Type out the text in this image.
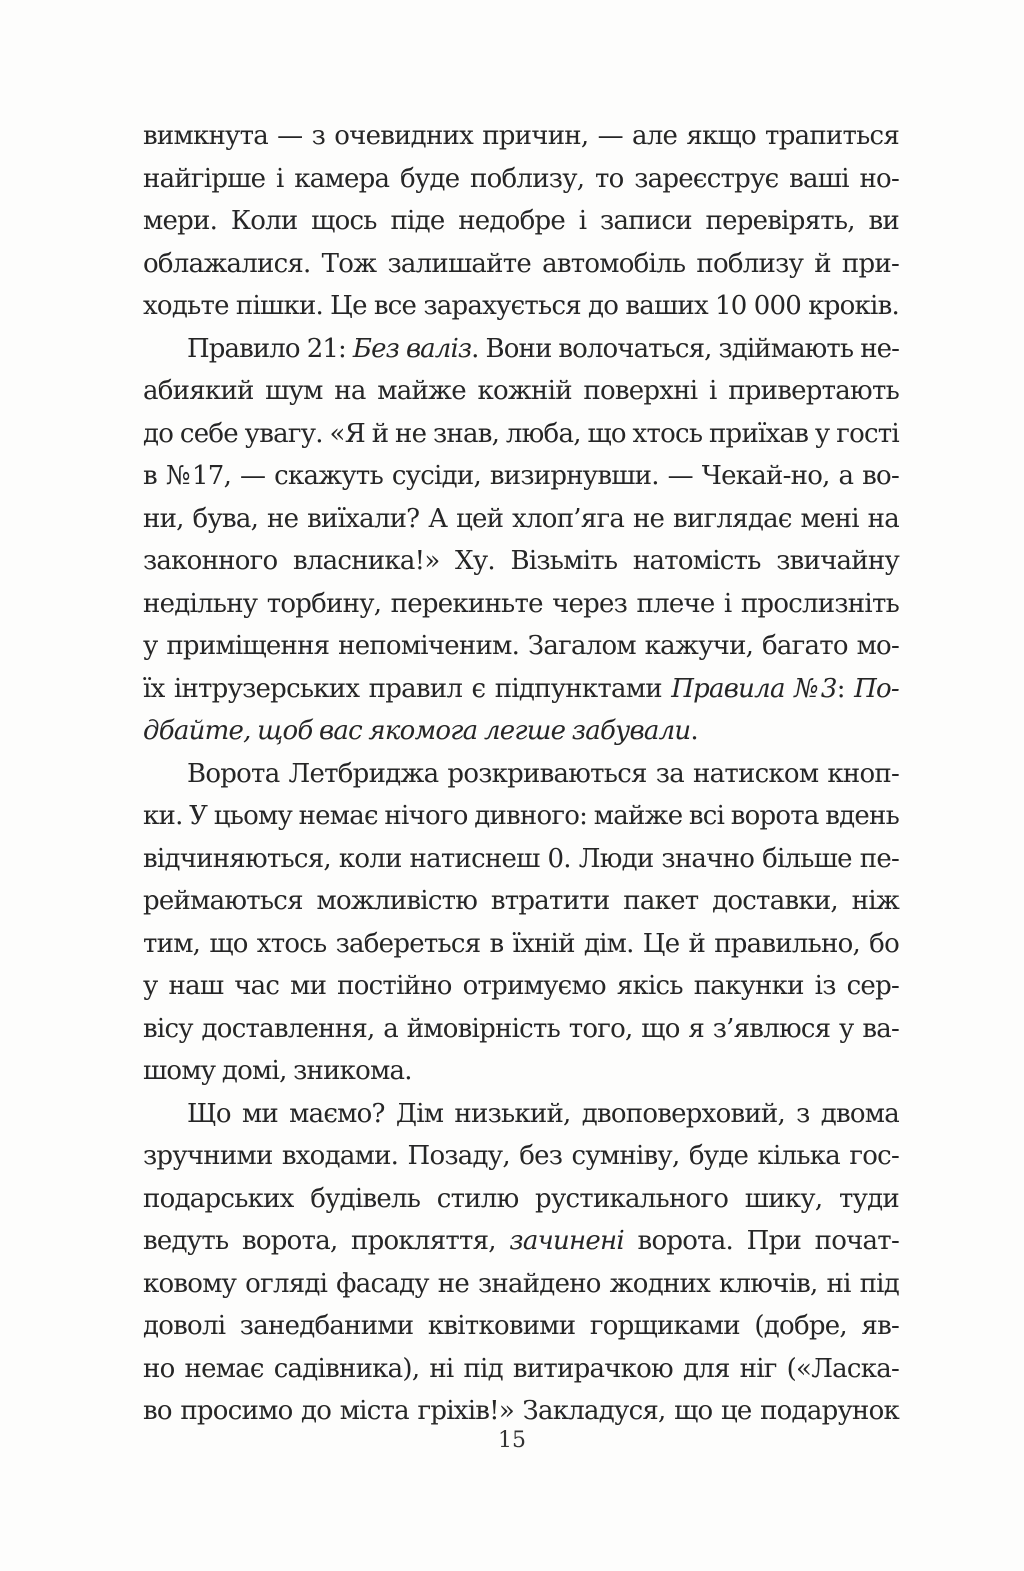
вимкнута — з очевидних причин, — але якщо трапиться
найгірше і камера буде поблизу, то зареєструє ваші но-
мери. Коли щось піде недобре і записи перевірять, ви
облажалися. Тож залишайте автомобіль поблизу й при-
ходьте пішки. Це все зарахується до ваших 10 000 кроків.
Правило 21: Без валіз. Вони волочаться, здіймають не-
абиякий шум на майже кожній поверхні і привертають
до себе увагу. «Я й не знав, люба, що хтось приїхав у гості
в №17, — скажуть сусіди, визирнувши. — Чекай-но, а во-
ни, бува, не виїхали? А цей хлоп’яга не виглядає мені на
законного власника!» Ху. Візьміть натомість звичайну
недільну торбину, перекиньте через плече і прослизніть
у приміщення непоміченим. Загалом кажучи, багато мо-
їх інтрузерських правил є підпунктами Правила №3: По-
дбайте, щоб вас якомога легше забували.
Ворота Летбриджа розкриваються за натиском кноп-
ки. У цьому немає нічого дивного: майже всі ворота вдень
відчиняються, коли натиснеш 0. Люди значно більше пе-
реймаються можливістю втратити пакет доставки, ніж
тим, що хтось забереться в їхній дім. Це й правильно, бо
у наш час ми постійно отримуємо якісь пакунки із сер-
вісу доставлення, а ймовірність того, що я з’явлюся у ва-
шому домі, зникома.
Що ми маємо? Дім низький, двоповерховий, з двома
зручними входами. Позаду, без сумніву, буде кілька гос-
подарських будівель стилю рустикального шику, туди
ведуть ворота, прокляття, зачинені ворота. При почат-
ковому огляді фасаду не знайдено жодних ключів, ні під
доволі занедбаними квітковими горщиками (добре, яв-
но немає садівника), ні під витирачкою для ніг («Ласка-
во просимо до міста гріхів!» Закладуся, що це подарунок
15
